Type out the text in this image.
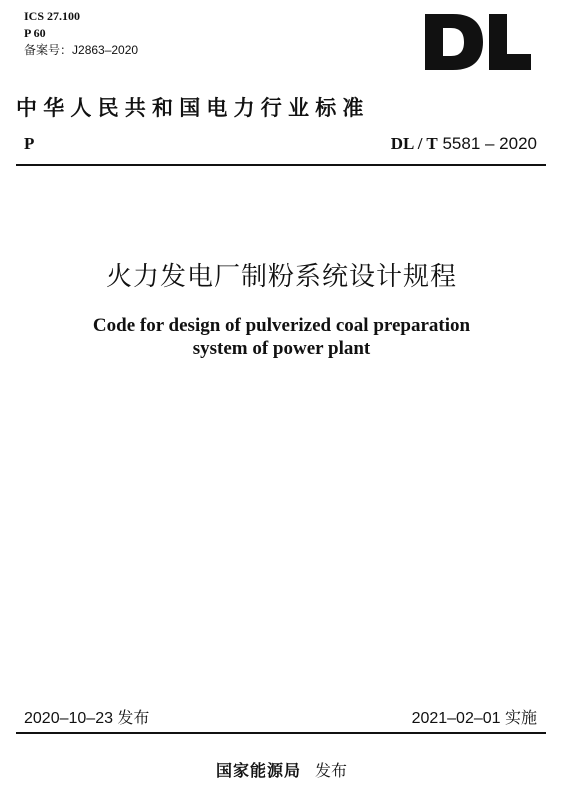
ICS 27.100
P 60
备案号：J2863–2020
中华人民共和国电力行业标准
P	DL / T 5581 – 2020
火力发电厂制粉系统设计规程
Code for design of pulverized coal preparation
system of power plant
2020–10–23 发布	2021–02–01 实施
国家能源局 发布
